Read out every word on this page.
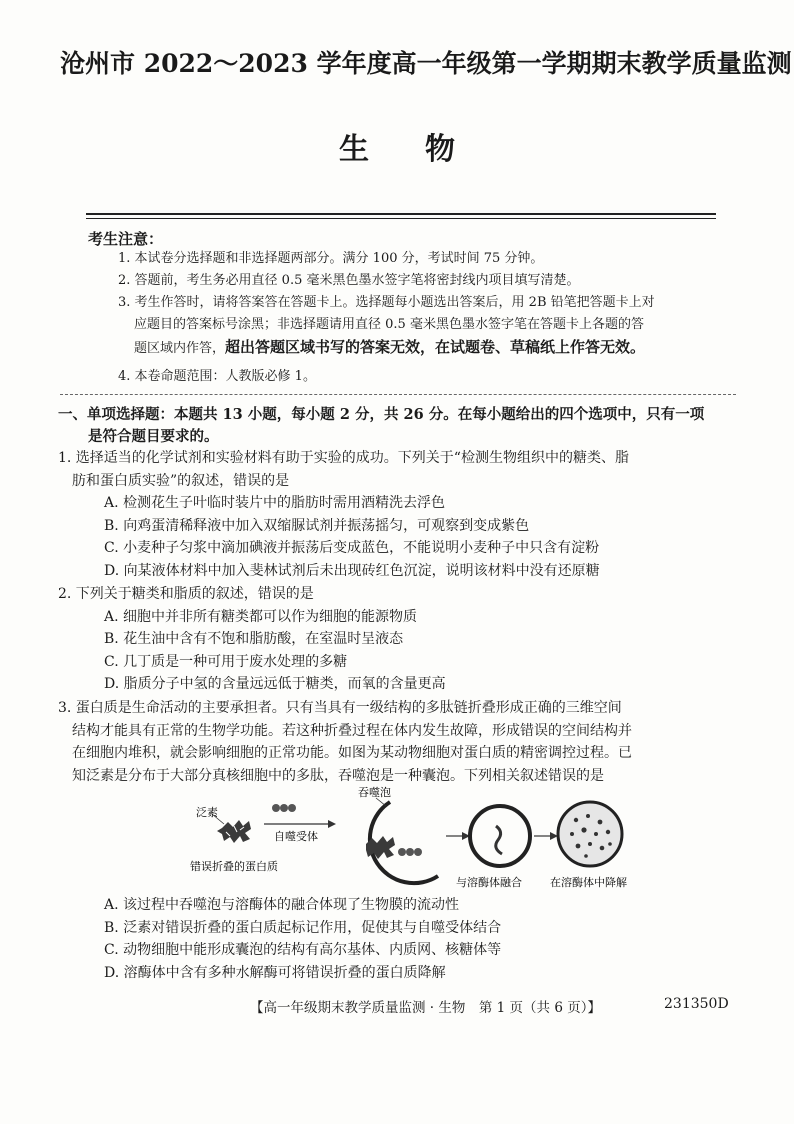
沧州市 2022～2023 学年度高一年级第一学期期末教学质量监测
生 物
考生注意：

1. 本试卷分选择题和非选择题两部分。满分 100 分，考试时间 75 分钟。

2. 答题前，考生务必用直径 0.5 毫米黑色墨水签字笔将密封线内项目填写清楚。

3. 考生作答时，请将答案答在答题卡上。选择题每小题选出答案后，用 2B 铅笔把答题卡上对

应题目的答案标号涂黑；非选择题请用直径 0.5 毫米黑色墨水签字笔在答题卡上各题的答

题区域内作答，超出答题区域书写的答案无效，在试题卷、草稿纸上作答无效。

4. 本卷命题范围：人教版必修 1。

一、单项选择题：本题共 13 小题，每小题 2 分，共 26 分。在每小题给出的四个选项中，只有一项

是符合题目要求的。

1. 选择适当的化学试剂和实验材料有助于实验的成功。下列关于“检测生物组织中的糖类、脂

肪和蛋白质实验”的叙述，错误的是

A. 检测花生子叶临时装片中的脂肪时需用酒精洗去浮色

B. 向鸡蛋清稀释液中加入双缩脲试剂并振荡摇匀，可观察到变成紫色

C. 小麦种子匀浆中滴加碘液并振荡后变成蓝色，不能说明小麦种子中只含有淀粉

D. 向某液体材料中加入斐林试剂后未出现砖红色沉淀，说明该材料中没有还原糖

2. 下列关于糖类和脂质的叙述，错误的是

A. 细胞中并非所有糖类都可以作为细胞的能源物质

B. 花生油中含有不饱和脂肪酸，在室温时呈液态

C. 几丁质是一种可用于废水处理的多糖

D. 脂质分子中氢的含量远远低于糖类，而氧的含量更高

3. 蛋白质是生命活动的主要承担者。只有当具有一级结构的多肽链折叠形成正确的三维空间

结构才能具有正常的生物学功能。若这种折叠过程在体内发生故障，形成错误的空间结构并

在细胞内堆积，就会影响细胞的正常功能。如图为某动物细胞对蛋白质的精密调控过程。已

知泛素是分布于大部分真核细胞中的多肽，吞噬泡是一种囊泡。下列相关叙述错误的是

泛素
错误折叠的蛋白质
自噬受体
吞噬泡
与溶酶体融合	在溶酶体中降解

A. 该过程中吞噬泡与溶酶体的融合体现了生物膜的流动性

B. 泛素对错误折叠的蛋白质起标记作用，促使其与自噬受体结合

C. 动物细胞中能形成囊泡的结构有高尔基体、内质网、核糖体等

D. 溶酶体中含有多种水解酶可将错误折叠的蛋白质降解

【高一年级期末教学质量监测 · 生物　第 1 页（共 6 页）】	231350D
